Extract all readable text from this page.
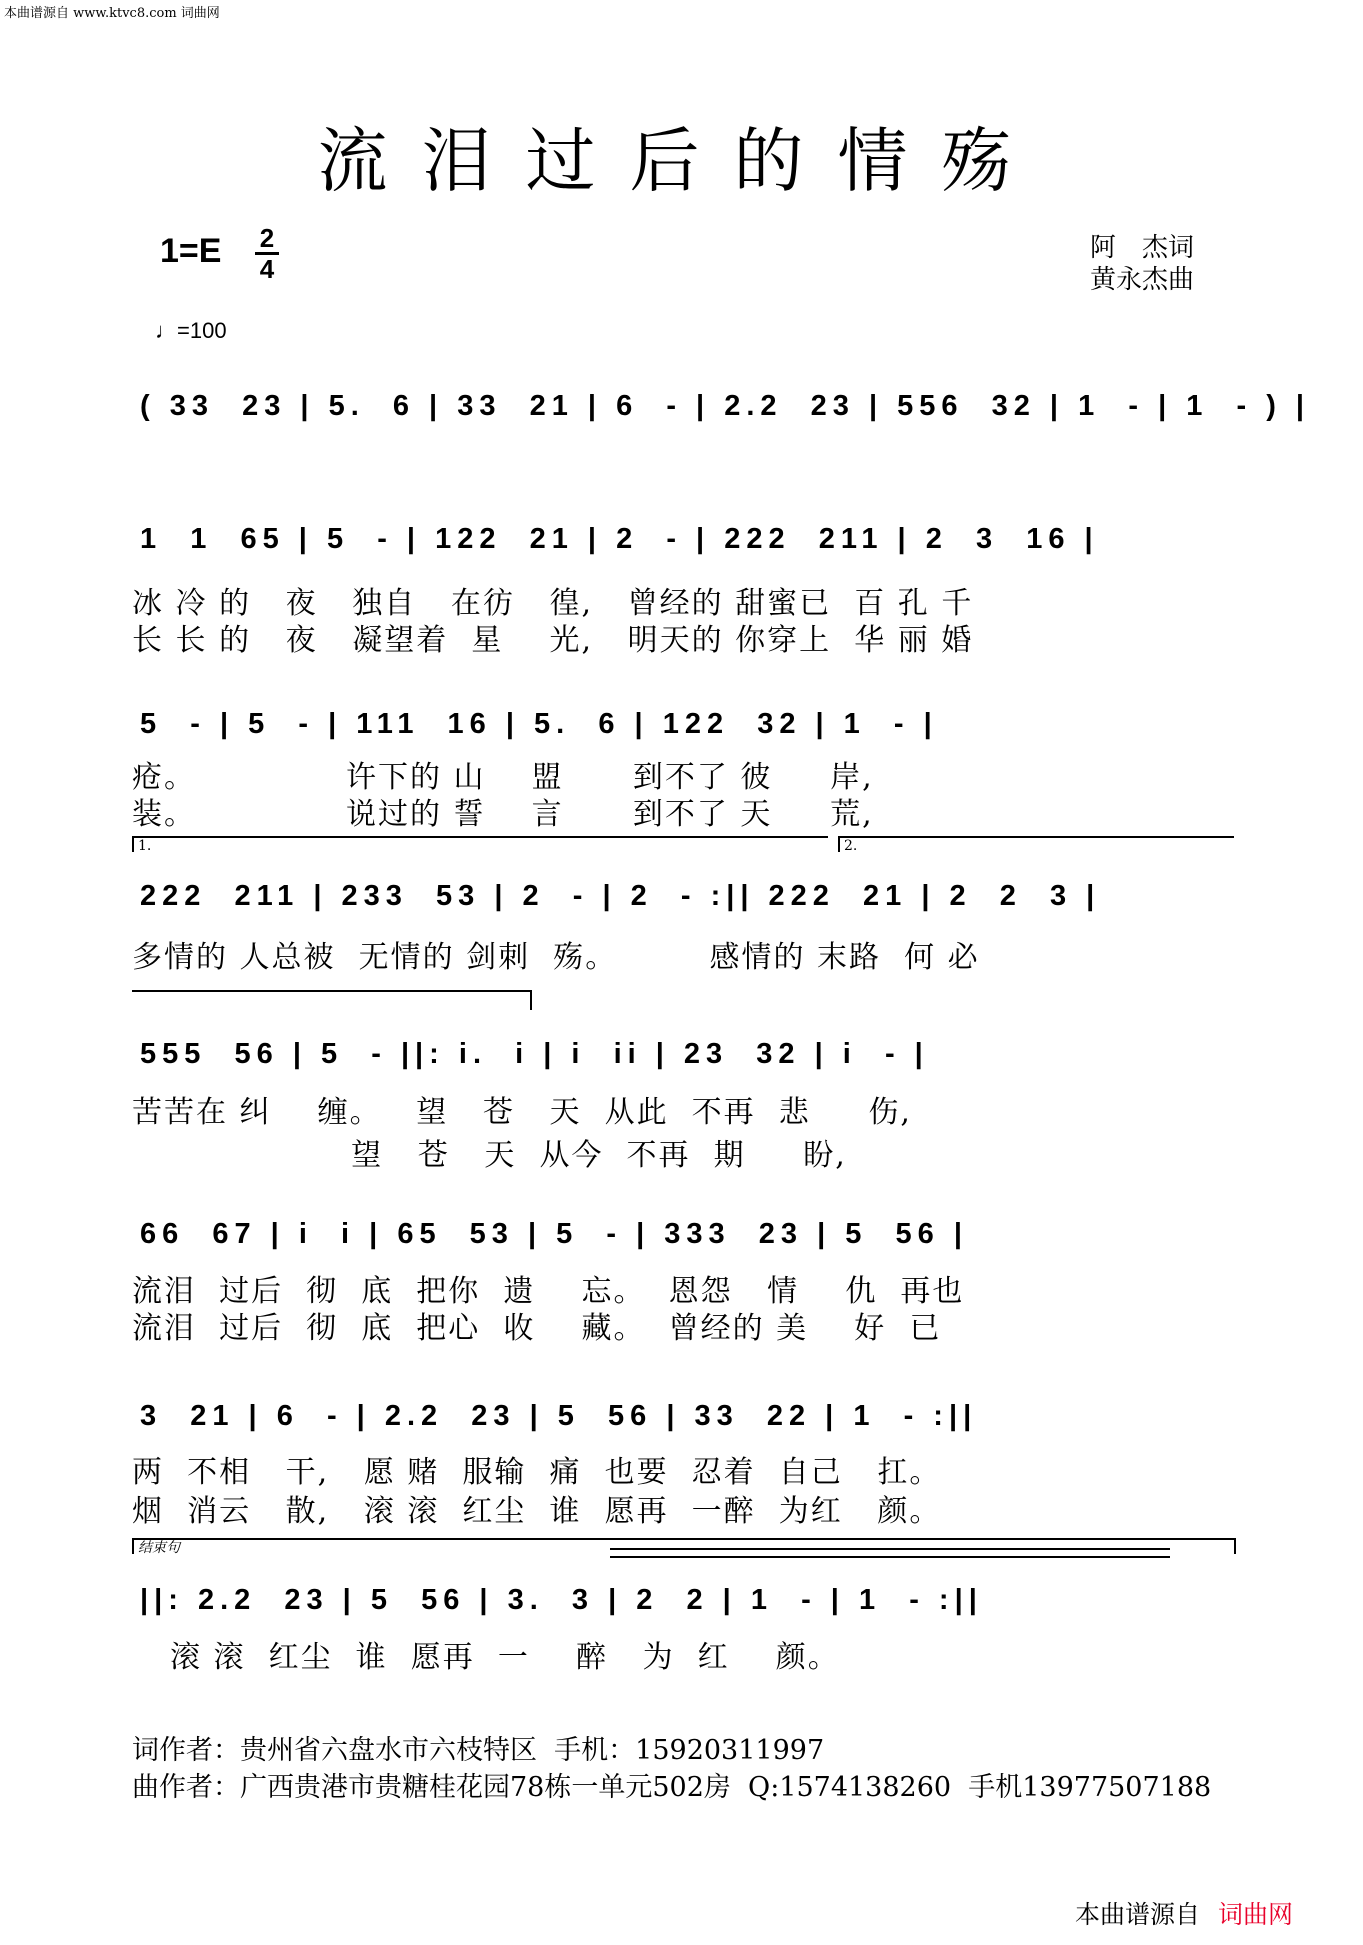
本曲谱源自 www.ktvc8.com 词曲网
流泪过后的情殇
1=E 2
4
阿　杰词
黄永杰曲
♩=100
( 33  23 | 5.  6 | 33  21 | 6  - | 2.2  23 | 556  32 | 1  - | 1  - ) |
1  1  65 | 5  - | 122  21 | 2  - | 222  211 | 2  3  16 |
冰 冷 的   夜   独自   在彷   徨,   曾经的 甜蜜已  百 孔 千
长 长 的   夜   凝望着  星    光,   明天的 你穿上  华 丽 婚
5  - | 5  - | 111  16 | 5.  6 | 122  32 | 1  - |
疮。             许下的 山    盟      到不了 彼     岸,
装。             说过的 誓    言      到不了 天     荒,
1.	2.
222  211 | 233  53 | 2  - | 2  - :|| 222  21 | 2  2  3 |
多情的 人总被  无情的 剑刺  殇。        感情的 末路  何 必
555  56 | 5  - ||: i.  i | i  ii | 23  32 | i  - |
苦苦在 纠    缠。   望   苍   天  从此  不再  悲     伤,
望   苍   天  从今  不再  期     盼,
66  67 | i  i | 65  53 | 5  - | 333  23 | 5  56 |
流泪  过后  彻  底  把你  遗    忘。  恩怨   情    仇  再也
流泪  过后  彻  底  把心  收    藏。  曾经的 美    好  已
3  21 | 6  - | 2.2  23 | 5  56 | 33  22 | 1  - :||
两  不相   干,   愿 赌  服输  痛  也要  忍着  自己   扛。
烟  消云   散,   滚 滚  红尘  谁  愿再  一醉  为红   颜。
结束句
||: 2.2  23 | 5  56 | 3.  3 | 2  2 | 1  - | 1  - :||
滚 滚  红尘  谁  愿再  一    醉   为  红    颜。
词作者：贵州省六盘水市六枝特区  手机：15920311997
曲作者：广西贵港市贵糖桂花园78栋一单元502房  Q:1574138260  手机13977507188
本曲谱源自 词曲网
